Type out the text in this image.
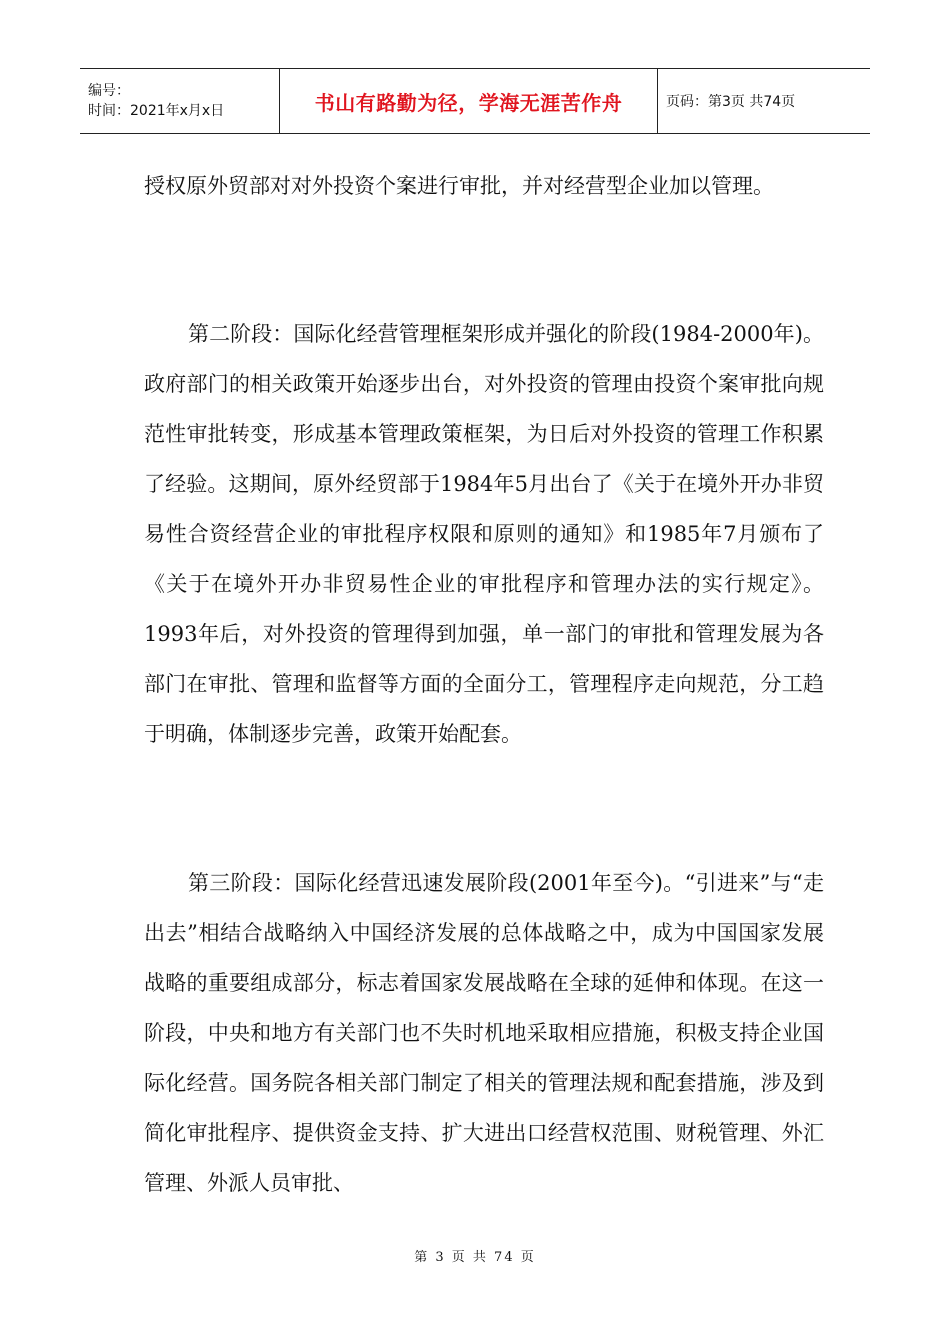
编号：
时间：2021年x月x日	书山有路勤为径，学海无涯苦作舟	页码：第3页 共74页

授权原外贸部对对外投资个案进行审批，并对经营型企业加以管理。

第二阶段：国际化经营管理框架形成并强化的阶段(1984-2000年)。政府部门的相关政策开始逐步出台，对外投资的管理由投资个案审批向规范性审批转变，形成基本管理政策框架，为日后对外投资的管理工作积累了经验。这期间，原外经贸部于1984年5月出台了《关于在境外开办非贸易性合资经营企业的审批程序权限和原则的通知》和1985年7月颁布了《关于在境外开办非贸易性企业的审批程序和管理办法的实行规定》。1993年后，对外投资的管理得到加强，单一部门的审批和管理发展为各部门在审批、管理和监督等方面的全面分工，管理程序走向规范，分工趋于明确，体制逐步完善，政策开始配套。

第三阶段：国际化经营迅速发展阶段(2001年至今)。“引进来”与“走出去”相结合战略纳入中国经济发展的总体战略之中，成为中国国家发展战略的重要组成部分，标志着国家发展战略在全球的延伸和体现。在这一阶段，中央和地方有关部门也不失时机地采取相应措施，积极支持企业国际化经营。国务院各相关部门制定了相关的管理法规和配套措施，涉及到简化审批程序、提供资金支持、扩大进出口经营权范围、财税管理、外汇管理、外派人员审批、

第 3 页 共 74 页
